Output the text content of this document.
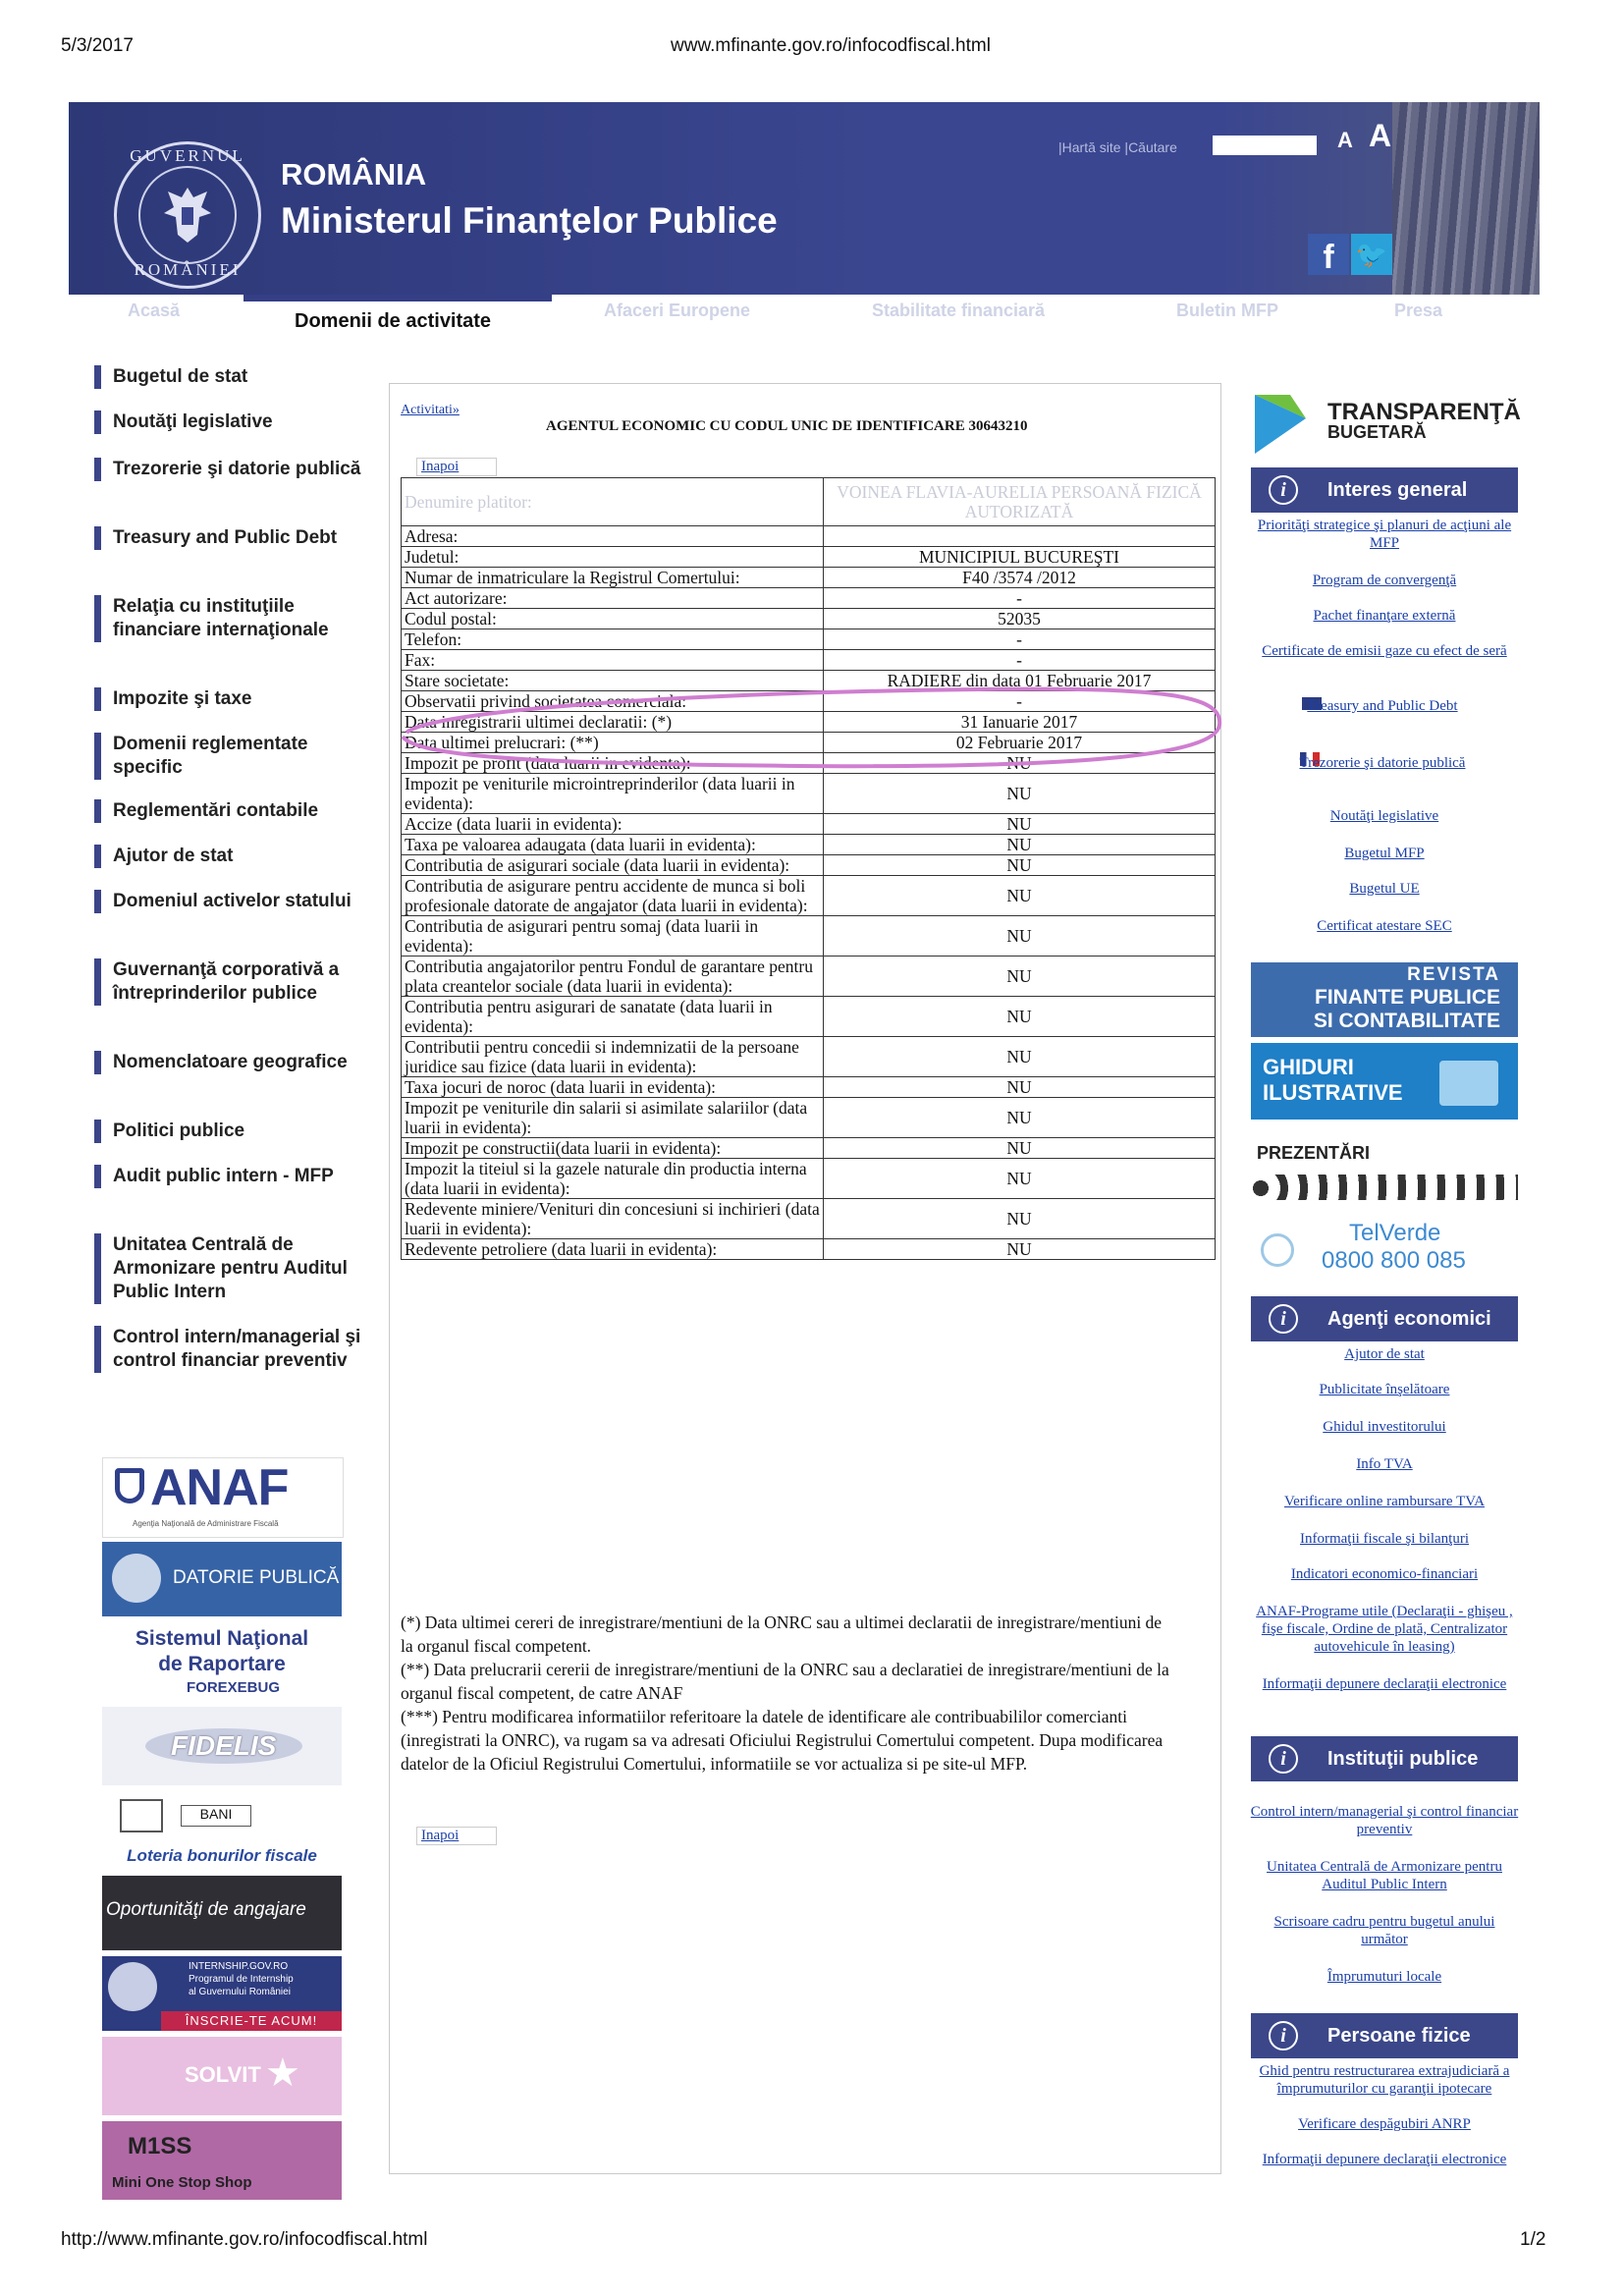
5/3/2017	www.mfinante.gov.ro/infocodfiscal.html
GUVERNUL
ROMÂNIEI
ROMÂNIA
Ministerul Finanţelor Publice
|Hartă site |Căutare	A A
f 🐦
Acasă	Domenii de activitate	Afaceri Europene	Stabilitate financiară	Buletin MFP	Presa
Bugetul de stat
Noutăţi legislative
Trezorerie şi datorie publică
Treasury and Public Debt
Relaţia cu instituţiile financiare internaţionale
Impozite şi taxe
Domenii reglementate specific
Reglementări contabile
Ajutor de stat
Domeniul activelor statului
Guvernanţă corporativă a întreprinderilor publice
Nomenclatoare geografice
Politici publice
Audit public intern - MFP
Unitatea Centrală de Armonizare pentru Auditul Public Intern
Control intern/managerial şi control financiar preventiv
ANAF
Agenţia Naţională de Administrare Fiscală
DATORIE PUBLICĂ
Sistemul Naţional
de Raportare
FOREXEBUG
FIDELIS
BANI
Loteria bonurilor fiscale
Oportunităţi de angajare
INTERNSHIP.GOV.RO
Programul de Internship
al Guvernului României
ÎNSCRIE-TE ACUM!
SOLVIT ★
M1SS
Mini One Stop Shop
Activitati»
AGENTUL ECONOMIC CU CODUL UNIC DE IDENTIFICARE 30643210
Inapoi
Denumire platitor:	VOINEA FLAVIA-AURELIA PERSOANĂ FIZICĂ AUTORIZATĂ
Adresa:	
Judetul:	MUNICIPIUL BUCUREŞTI
Numar de inmatriculare la Registrul Comertului:	F40 /3574 /2012
Act autorizare:	-
Codul postal:	52035
Telefon:	-
Fax:	-
Stare societate:	RADIERE din data 01 Februarie 2017
Observatii privind societatea comerciala:	-
Data inregistrarii ultimei declaratii: (*)	31 Ianuarie 2017
Data ultimei prelucrari: (**)	02 Februarie 2017
Impozit pe profit (data luarii in evidenta):	NU
Impozit pe veniturile microintreprinderilor (data luarii in evidenta):	NU
Accize (data luarii in evidenta):	NU
Taxa pe valoarea adaugata (data luarii in evidenta):	NU
Contributia de asigurari sociale (data luarii in evidenta):	NU
Contributia de asigurare pentru accidente de munca si boli profesionale datorate de angajator (data luarii in evidenta):	NU
Contributia de asigurari pentru somaj (data luarii in evidenta):	NU
Contributia angajatorilor pentru Fondul de garantare pentru plata creantelor sociale (data luarii in evidenta):	NU
Contributia pentru asigurari de sanatate (data luarii in evidenta):	NU
Contributii pentru concedii si indemnizatii de la persoane juridice sau fizice (data luarii in evidenta):	NU
Taxa jocuri de noroc (data luarii in evidenta):	NU
Impozit pe veniturile din salarii si asimilate salariilor (data luarii in evidenta):	NU
Impozit pe constructii(data luarii in evidenta):	NU
Impozit la titeiul si la gazele naturale din productia interna (data luarii in evidenta):	NU
Redevente miniere/Venituri din concesiuni si inchirieri (data luarii in evidenta):	NU
Redevente petroliere (data luarii in evidenta):	NU
(*) Data ultimei cereri de inregistrare/mentiuni de la ONRC sau a ultimei declaratii de inregistrare/mentiuni de la organul fiscal competent.
(**) Data prelucrarii cererii de inregistrare/mentiuni de la ONRC sau a declaratiei de inregistrare/mentiuni de la organul fiscal competent, de catre ANAF
(***) Pentru modificarea informatiilor referitoare la datele de identificare ale contribuabililor comercianti (inregistrati la ONRC), va rugam sa va adresati Oficiului Registrului Comertului competent. Dupa modificarea datelor de la Oficiul Registrului Comertului, informatiile se vor actualiza si pe site-ul MFP.
Inapoi
TRANSPARENŢĂ
BUGETARĂ
i	Interes general
Priorităţi strategice şi planuri de acţiuni ale MFP
Program de convergenţă
Pachet finanţare externă
Certificate de emisii gaze cu efect de seră
Treasury and Public Debt
Trezorerie şi datorie publică
Noutăţi legislative
Bugetul MFP
Bugetul UE
Certificat atestare SEC
REVISTA
FINANTE PUBLICE
SI CONTABILITATE
GHIDURI
ILUSTRATIVE
PREZENTĂRI
TelVerde
0800 800 085
i	Agenţi economici
Ajutor de stat
Publicitate înşelătoare
Ghidul investitorului
Info TVA
Verificare online rambursare TVA
Informaţii fiscale şi bilanţuri
Indicatori economico-financiari
ANAF-Programe utile (Declaraţii - ghişeu , fişe fiscale, Ordine de plată, Centralizator autovehicule în leasing)
Informaţii depunere declaraţii electronice
i	Instituţii publice
Control intern/managerial şi control financiar preventiv
Unitatea Centrală de Armonizare pentru Auditul Public Intern
Scrisoare cadru pentru bugetul anului următor
Împrumuturi locale
i	Persoane fizice
Ghid pentru restructurarea extrajudiciară a împrumuturilor cu garanţii ipotecare
Verificare despăgubiri ANRP
Informaţii depunere declaraţii electronice
http://www.mfinante.gov.ro/infocodfiscal.html	1/2
